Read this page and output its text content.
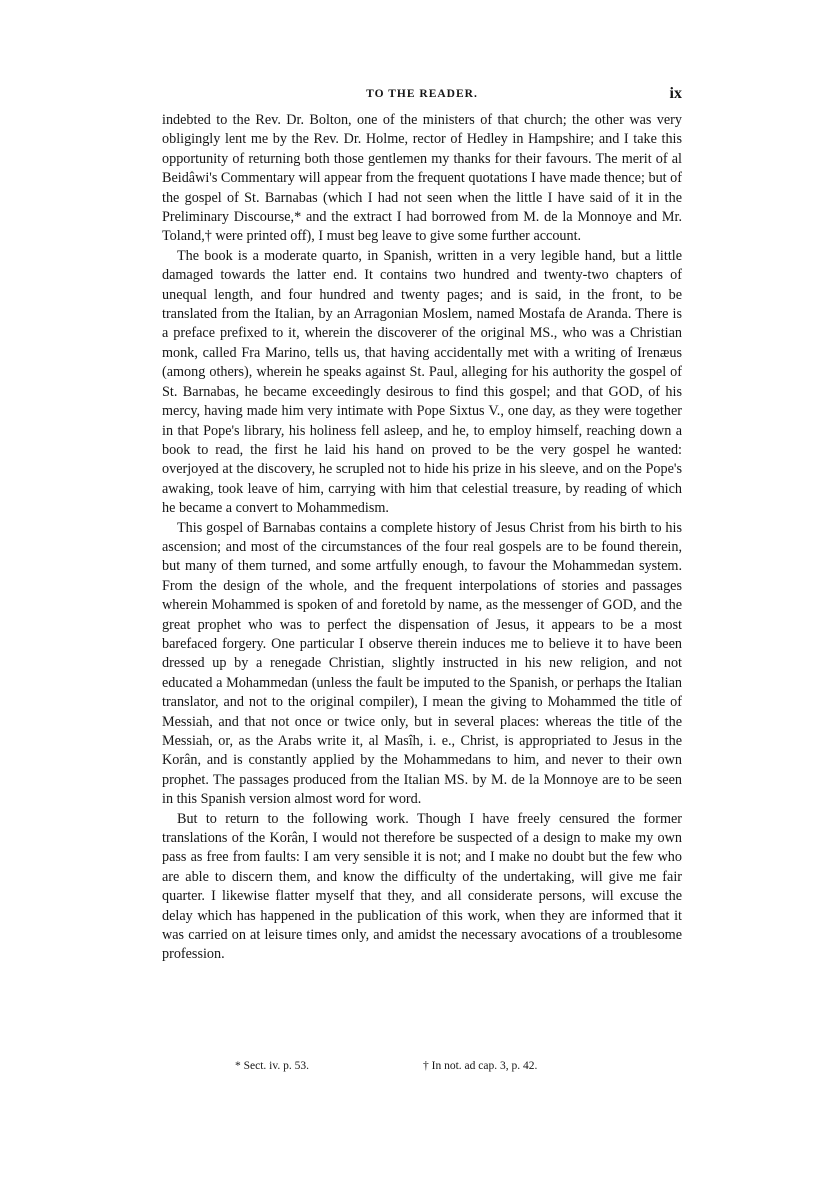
TO THE READER.	ix

indebted to the Rev. Dr. Bolton, one of the ministers of that church; the other was very obligingly lent me by the Rev. Dr. Holme, rector of Hedley in Hampshire; and I take this opportunity of returning both those gentlemen my thanks for their favours. The merit of al Beidâwi's Commentary will appear from the frequent quotations I have made thence; but of the gospel of St. Barnabas (which I had not seen when the little I have said of it in the Preliminary Discourse,* and the extract I had borrowed from M. de la Monnoye and Mr. Toland,† were printed off), I must beg leave to give some further account.

The book is a moderate quarto, in Spanish, written in a very legible hand, but a little damaged towards the latter end. It contains two hundred and twenty-two chapters of unequal length, and four hundred and twenty pages; and is said, in the front, to be translated from the Italian, by an Arragonian Moslem, named Mostafa de Aranda. There is a preface prefixed to it, wherein the discoverer of the original MS., who was a Christian monk, called Fra Marino, tells us, that having accidentally met with a writing of Irenæus (among others), wherein he speaks against St. Paul, alleging for his authority the gospel of St. Barnabas, he became exceedingly desirous to find this gospel; and that GOD, of his mercy, having made him very intimate with Pope Sixtus V., one day, as they were together in that Pope's library, his holiness fell asleep, and he, to employ himself, reaching down a book to read, the first he laid his hand on proved to be the very gospel he wanted: overjoyed at the discovery, he scrupled not to hide his prize in his sleeve, and on the Pope's awaking, took leave of him, carrying with him that celestial treasure, by reading of which he became a convert to Mohammedism.

This gospel of Barnabas contains a complete history of Jesus Christ from his birth to his ascension; and most of the circumstances of the four real gospels are to be found therein, but many of them turned, and some artfully enough, to favour the Mohammedan system. From the design of the whole, and the frequent interpolations of stories and passages wherein Mohammed is spoken of and foretold by name, as the messenger of GOD, and the great prophet who was to perfect the dispensation of Jesus, it appears to be a most barefaced forgery. One particular I observe therein induces me to believe it to have been dressed up by a renegade Christian, slightly instructed in his new religion, and not educated a Mohammedan (unless the fault be imputed to the Spanish, or perhaps the Italian translator, and not to the original compiler), I mean the giving to Mohammed the title of Messiah, and that not once or twice only, but in several places: whereas the title of the Messiah, or, as the Arabs write it, al Masîh, i. e., Christ, is appropriated to Jesus in the Korân, and is constantly applied by the Mohammedans to him, and never to their own prophet. The passages produced from the Italian MS. by M. de la Monnoye are to be seen in this Spanish version almost word for word.

But to return to the following work. Though I have freely censured the former translations of the Korân, I would not therefore be suspected of a design to make my own pass as free from faults: I am very sensible it is not; and I make no doubt but the few who are able to discern them, and know the difficulty of the undertaking, will give me fair quarter. I likewise flatter myself that they, and all considerate persons, will excuse the delay which has happened in the publication of this work, when they are informed that it was carried on at leisure times only, and amidst the necessary avocations of a troublesome profession.

* Sect. iv. p. 53.	† In not. ad cap. 3, p. 42.
